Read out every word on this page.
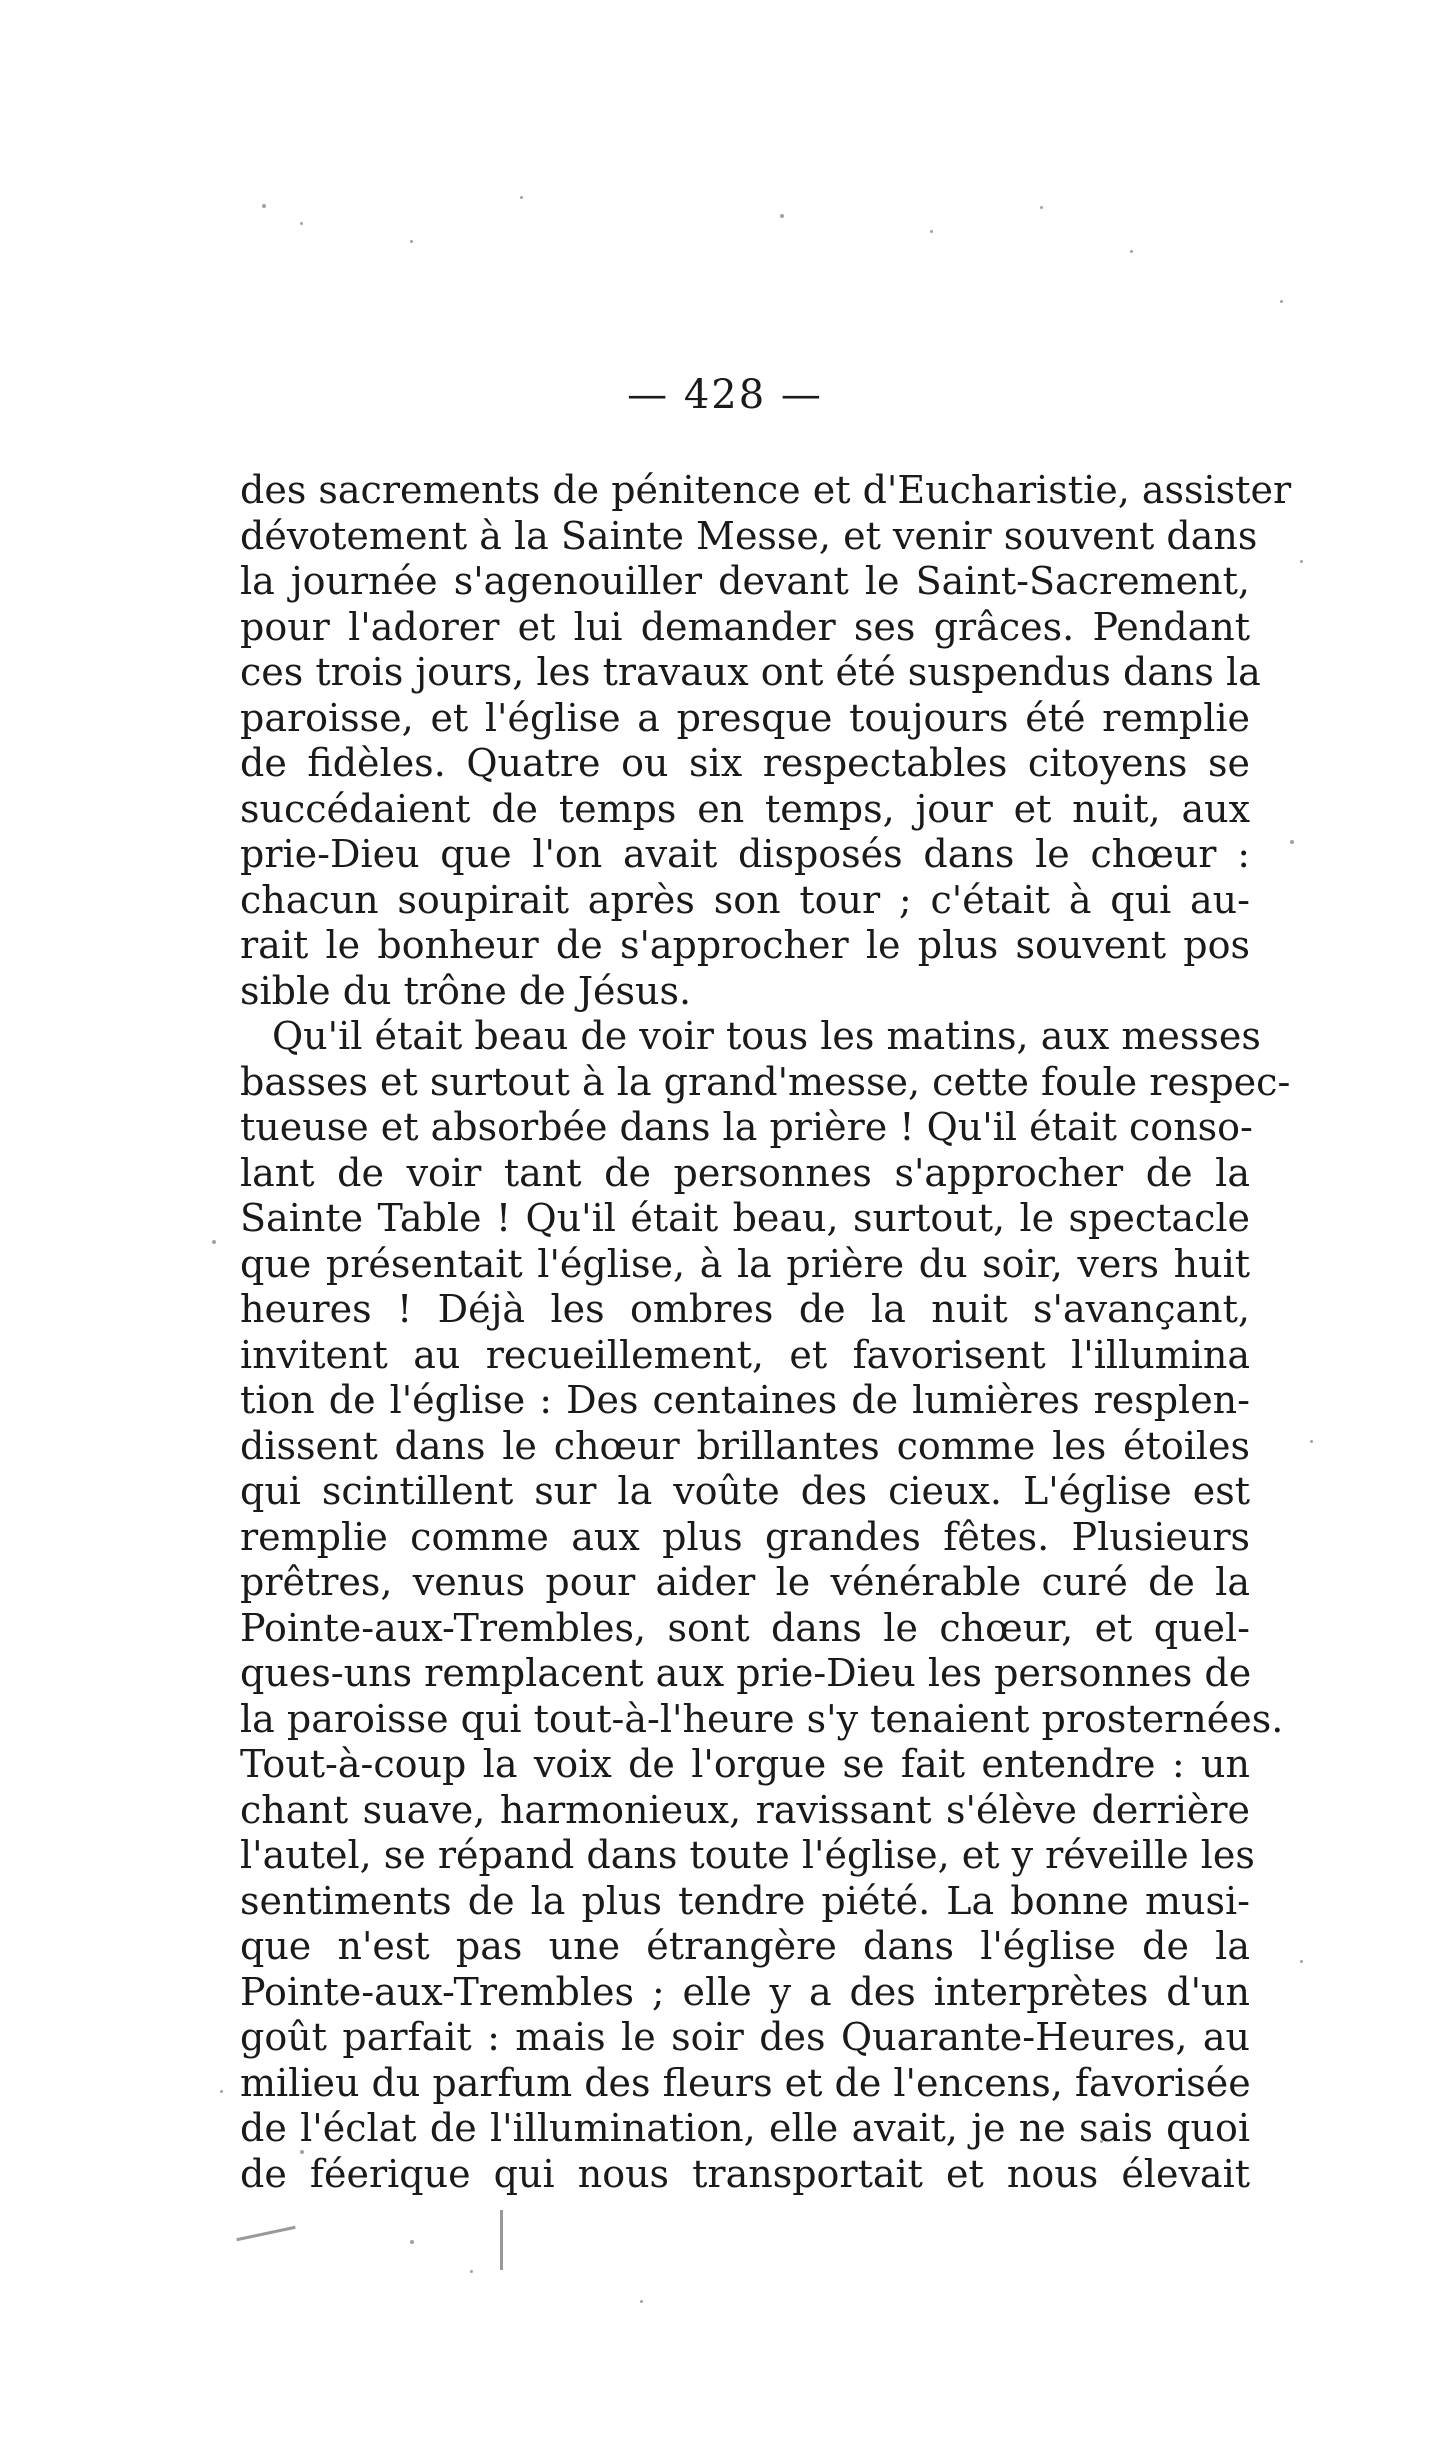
— 428 —
des sacrements de pénitence et d'Eucharistie, assister
dévotement à la Sainte Messe, et venir souvent dans
la journée s'agenouiller devant le Saint-Sacrement,
pour l'adorer et lui demander ses grâces. Pendant
ces trois jours, les travaux ont été suspendus dans la
paroisse, et l'église a presque toujours été remplie
de fidèles. Quatre ou six respectables citoyens se
succédaient de temps en temps, jour et nuit, aux
prie-Dieu que l'on avait disposés dans le chœur :
chacun soupirait après son tour ; c'était à qui au-
rait le bonheur de s'approcher le plus souvent pos
sible du trône de Jésus.
Qu'il était beau de voir tous les matins, aux messes
basses et surtout à la grand'messe, cette foule respec-
tueuse et absorbée dans la prière ! Qu'il était conso-
lant de voir tant de personnes s'approcher de la
Sainte Table ! Qu'il était beau, surtout, le spectacle
que présentait l'église, à la prière du soir, vers huit
heures ! Déjà les ombres de la nuit s'avançant,
invitent au recueillement, et favorisent l'illumina
tion de l'église : Des centaines de lumières resplen-
dissent dans le chœur brillantes comme les étoiles
qui scintillent sur la voûte des cieux. L'église est
remplie comme aux plus grandes fêtes. Plusieurs
prêtres, venus pour aider le vénérable curé de la
Pointe-aux-Trembles, sont dans le chœur, et quel-
ques-uns remplacent aux prie-Dieu les personnes de
la paroisse qui tout-à-l'heure s'y tenaient prosternées.
Tout-à-coup la voix de l'orgue se fait entendre : un
chant suave, harmonieux, ravissant s'élève derrière
l'autel, se répand dans toute l'église, et y réveille les
sentiments de la plus tendre piété. La bonne musi-
que n'est pas une étrangère dans l'église de la
Pointe-aux-Trembles ; elle y a des interprètes d'un
goût parfait : mais le soir des Quarante-Heures, au
milieu du parfum des fleurs et de l'encens, favorisée
de l'éclat de l'illumination, elle avait, je ne sais quoi
de féerique qui nous transportait et nous élevait
